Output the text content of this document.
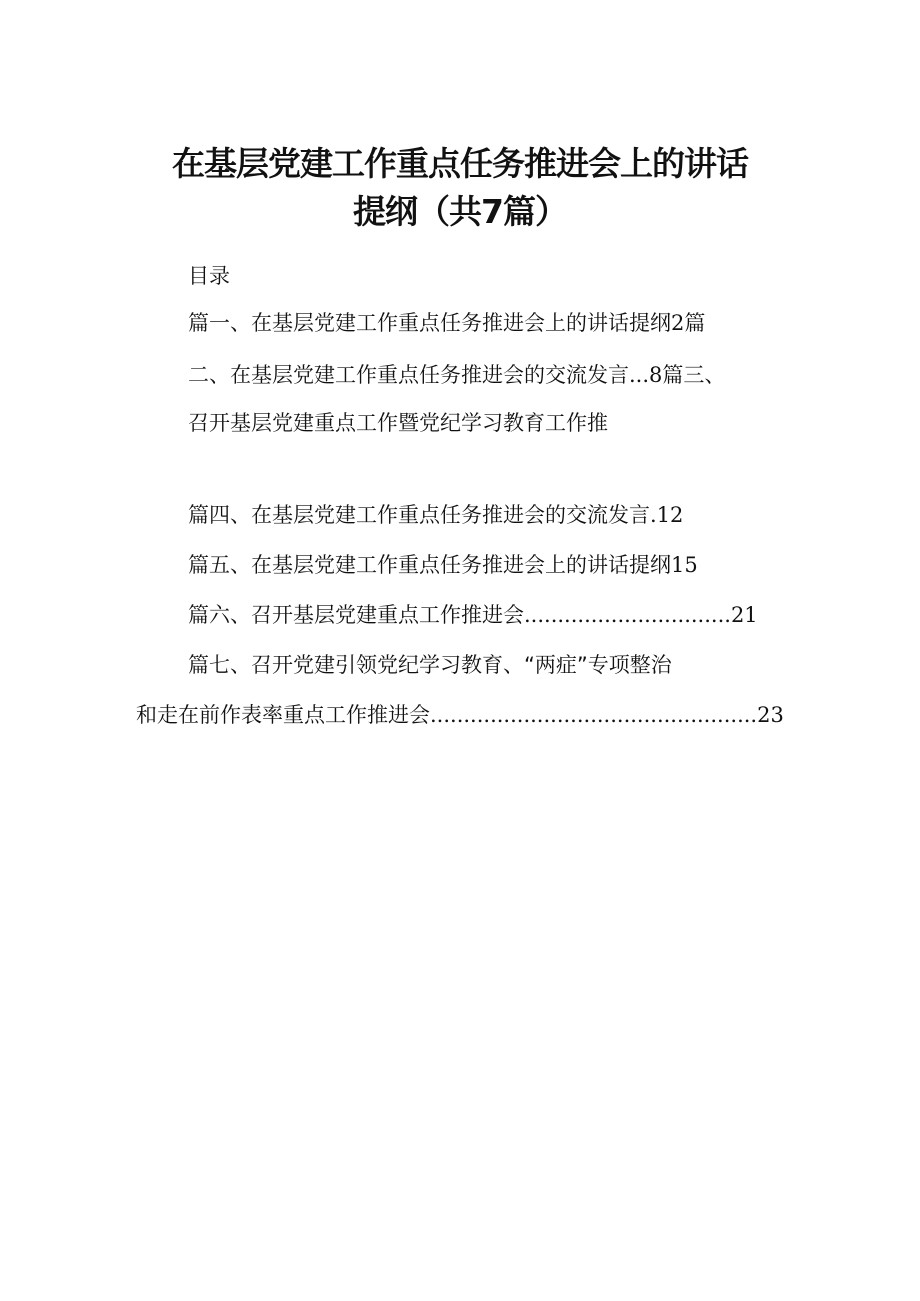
在基层党建工作重点任务推进会上的讲话
提纲（共7篇）
目录
篇一、在基层党建工作重点任务推进会上的讲话提纲2篇
二、在基层党建工作重点任务推进会的交流发言...8篇三、
召开基层党建重点工作暨党纪学习教育工作推
篇四、在基层党建工作重点任务推进会的交流发言.12
篇五、在基层党建工作重点任务推进会上的讲话提纲15
篇六、召开基层党建重点工作推进会...............................21
篇七、召开党建引领党纪学习教育、“两症”专项整治
和走在前作表率重点工作推进会.................................................23
